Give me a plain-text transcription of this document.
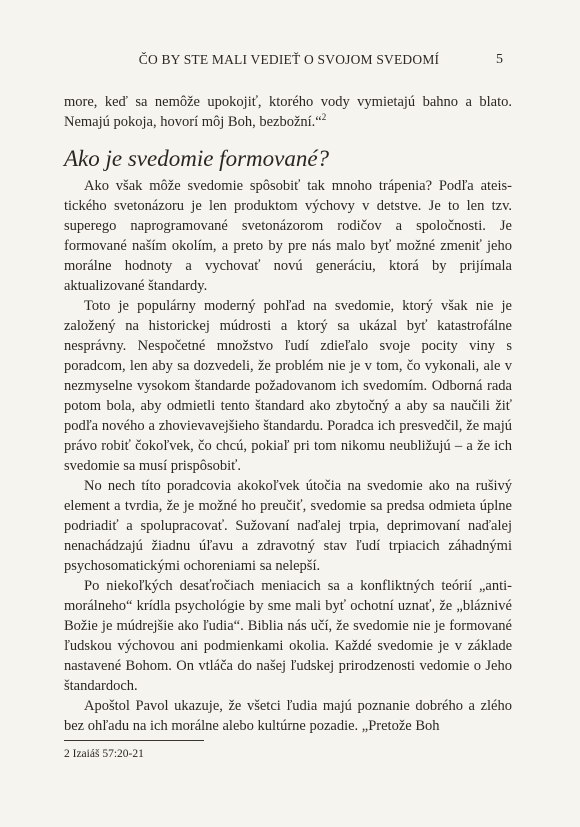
ČO BY STE MALI VEDIEŤ O SVOJOM SVEDOMÍ	5

more, keď sa nemôže upokojiť, ktorého vody vymietajú bahno a blato. Nemajú pokoja, hovorí môj Boh, bezbožní.“$^2$

Ako je svedomie formované?

Ako však môže svedomie spôsobiť tak mnoho trápenia? Podľa ateistického svetonázoru je len produktom výchovy v detstve. Je to len tzv. superego naprogramované svetonázorom rodičov a spoločnosti. Je formované naším okolím, a preto by pre nás malo byť možné zmeniť jeho morálne hodnoty a vychovať novú generáciu, ktorá by prijímala aktualizované štandardy.

Toto je populárny moderný pohľad na svedomie, ktorý však nie je založený na historickej múdrosti a ktorý sa ukázal byť katastrofálne nesprávny. Nespočetné množstvo ľudí zdieľalo svoje pocity viny s poradcom, len aby sa dozvedeli, že problém nie je v tom, čo vykonali, ale v nezmyselne vysokom štandarde požadovanom ich svedomím. Odborná rada potom bola, aby odmietli tento štandard ako zbytočný a aby sa naučili žiť podľa nového a zhovievavejšieho štandardu. Poradca ich presvedčil, že majú právo robiť čokoľvek, čo chcú, pokiaľ pri tom nikomu neubližujú – a že ich svedomie sa musí prispôsobiť.

No nech títo poradcovia akokoľvek útočia na svedomie ako na rušivý element a tvrdia, že je možné ho preučiť, svedomie sa predsa odmieta úplne podriadiť a spolupracovať. Sužovaní naďalej trpia, deprimovaní naďalej nenachádzajú žiadnu úľavu a zdravotný stav ľudí trpiacich záhadnými psychosomatickými ochoreniami sa nelepší.

Po niekoľkých desaťročiach meniacich sa a konfliktných teórií „anti-morálneho“ krídla psychológie by sme mali byť ochotní uznať, že „bláznivé Božie je múdrejšie ako ľudia“. Biblia nás učí, že svedomie nie je formované ľudskou výchovou ani podmienkami okolia. Každé svedomie je v základe nastavené Bohom. On vtláča do našej ľudskej prirodzenosti vedomie o Jeho štandardoch.

Apoštol Pavol ukazuje, že všetci ľudia majú poznanie dobrého a zlého bez ohľadu na ich morálne alebo kultúrne pozadie. „Pretože Boh

2 Izaiáš 57:20-21
